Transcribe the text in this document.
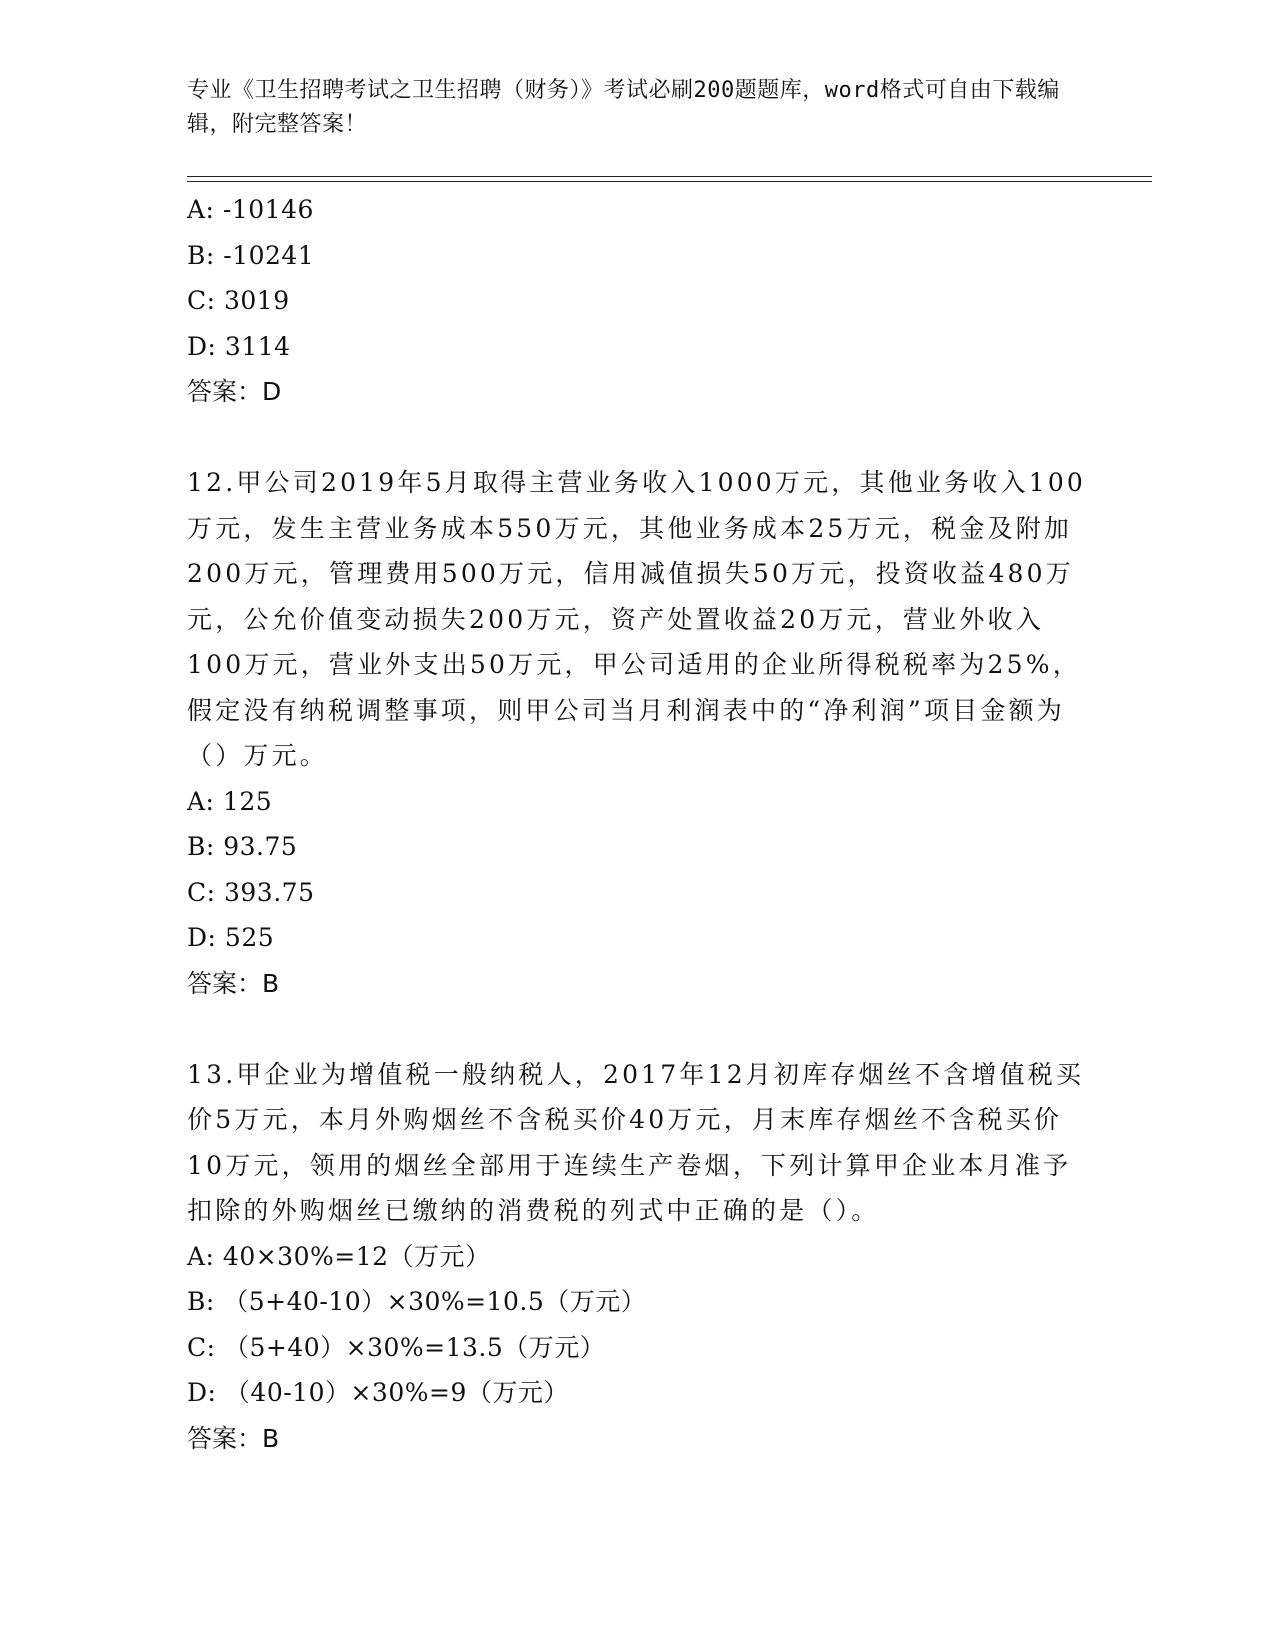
专业《卫生招聘考试之卫生招聘（财务）》考试必刷200题题库，word格式可自由下载编辑，附完整答案！
A: -10146
B: -10241
C: 3019
D: 3114
答案：D
12.甲公司2019年5月取得主营业务收入1000万元，其他业务收入100万元，发生主营业务成本550万元，其他业务成本25万元，税金及附加200万元，管理费用500万元，信用减值损失50万元，投资收益480万元，公允价值变动损失200万元，资产处置收益20万元，营业外收入100万元，营业外支出50万元，甲公司适用的企业所得税税率为25%，假定没有纳税调整事项，则甲公司当月利润表中的“净利润”项目金额为（）万元。
A: 125
B: 93.75
C: 393.75
D: 525
答案：B
13.甲企业为增值税一般纳税人，2017年12月初库存烟丝不含增值税买价5万元，本月外购烟丝不含税买价40万元，月末库存烟丝不含税买价10万元，领用的烟丝全部用于连续生产卷烟，下列计算甲企业本月准予扣除的外购烟丝已缴纳的消费税的列式中正确的是（）。
A: 40×30%=12（万元）
B: （5+40-10）×30%=10.5（万元）
C: （5+40）×30%=13.5（万元）
D: （40-10）×30%=9（万元）
答案：B
